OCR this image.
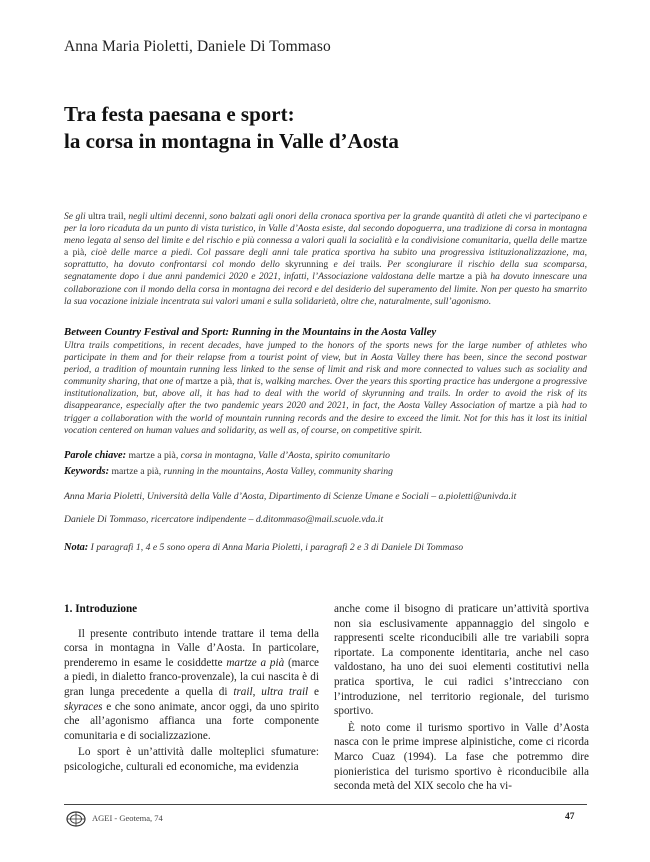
Anna Maria Pioletti, Daniele Di Tommaso
Tra festa paesana e sport:
la corsa in montagna in Valle d’Aosta
Se gli ultra trail, negli ultimi decenni, sono balzati agli onori della cronaca sportiva per la grande quantità di atleti che vi partecipano e per la loro ricaduta da un punto di vista turistico, in Valle d’Aosta esiste, dal secondo dopoguerra, una tradizione di corsa in montagna meno legata al senso del limite e del rischio e più connessa a valori quali la socialità e la condivisione comunitaria, quella delle martze a pià, cioè delle marce a piedi. Col passare degli anni tale pratica sportiva ha subito una progressiva istituzionalizzazione, ma, soprattutto, ha dovuto confrontarsi col mondo dello skyrunning e dei trails. Per scongiurare il rischio della sua scomparsa, segnatamente dopo i due anni pandemici 2020 e 2021, infatti, l’Associazione valdostana delle martze a pià ha dovuto innescare una collaborazione con il mondo della corsa in montagna dei record e del desiderio del superamento del limite. Non per questo ha smarrito la sua vocazione iniziale incentrata sui valori umani e sulla solidarietà, oltre che, naturalmente, sull’agonismo.
Between Country Festival and Sport: Running in the Mountains in the Aosta Valley
Ultra trails competitions, in recent decades, have jumped to the honors of the sports news for the large number of athletes who participate in them and for their relapse from a tourist point of view, but in Aosta Valley there has been, since the second postwar period, a tradition of mountain running less linked to the sense of limit and risk and more connected to values such as sociality and community sharing, that one of martze a pià, that is, walking marches. Over the years this sporting practice has undergone a progressive institutionalization, but, above all, it has had to deal with the world of skyrunning and trails. In order to avoid the risk of its disappearance, especially after the two pandemic years 2020 and 2021, in fact, the Aosta Valley Association of martze a pià had to trigger a collaboration with the world of mountain running records and the desire to exceed the limit. Not for this has it lost its initial vocation centered on human values and solidarity, as well as, of course, on competitive spirit.
Parole chiave: martze a pià, corsa in montagna, Valle d’Aosta, spirito comunitario
Keywords: martze a pià, running in the mountains, Aosta Valley, community sharing
Anna Maria Pioletti, Università della Valle d’Aosta, Dipartimento di Scienze Umane e Sociali – a.pioletti@univda.it
Daniele Di Tommaso, ricercatore indipendente – d.ditommaso@mail.scuole.vda.it
Nota: I paragrafi 1, 4 e 5 sono opera di Anna Maria Pioletti, i paragrafi 2 e 3 di Daniele Di Tommaso
1. Introduzione

Il presente contributo intende trattare il tema della corsa in montagna in Valle d’Aosta. In particolare, prenderemo in esame le cosiddette martze a pià (marce a piedi, in dialetto franco-provenzale), la cui nascita è di gran lunga precedente a quella di trail, ultra trail e skyraces e che sono animate, ancor oggi, da uno spirito che all’agonismo affianca una forte componente comunitaria e di socializzazione.

Lo sport è un’attività dalle molteplici sfumature: psicologiche, culturali ed economiche, ma evidenzia

anche come il bisogno di praticare un’attività sportiva non sia esclusivamente appannaggio del singolo e rappresenti scelte riconducibili alle tre variabili sopra riportate. La componente identitaria, anche nel caso valdostano, ha uno dei suoi elementi costitutivi nella pratica sportiva, le cui radici s’intrecciano con l’introduzione, nel territorio regionale, del turismo sportivo.

È noto come il turismo sportivo in Valle d’Aosta nasca con le prime imprese alpinistiche, come ci ricorda Marco Cuaz (1994). La fase che potremmo dire pionieristica del turismo sportivo è riconducibile alla seconda metà del XIX secolo che ha vi-

AGEI - Geotema, 74	47
